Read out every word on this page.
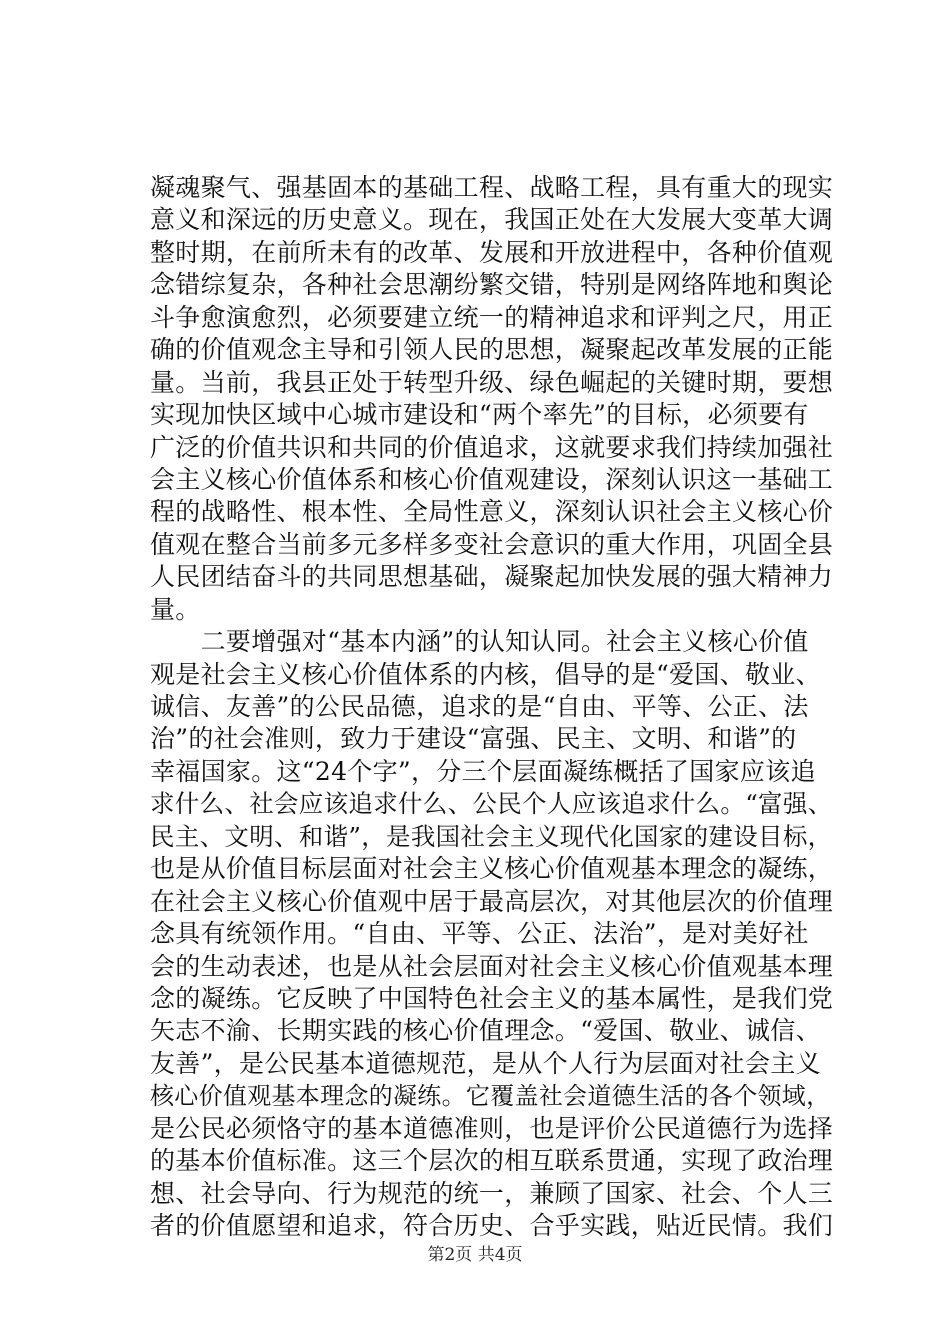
凝魂聚气、强基固本的基础工程、战略工程，具有重大的现实
意义和深远的历史意义。现在，我国正处在大发展大变革大调
整时期，在前所未有的改革、发展和开放进程中，各种价值观
念错综复杂，各种社会思潮纷繁交错，特别是网络阵地和舆论
斗争愈演愈烈，必须要建立统一的精神追求和评判之尺，用正
确的价值观念主导和引领人民的思想，凝聚起改革发展的正能
量。当前，我县正处于转型升级、绿色崛起的关键时期，要想
实现加快区域中心城市建设和“两个率先”的目标，必须要有
广泛的价值共识和共同的价值追求，这就要求我们持续加强社
会主义核心价值体系和核心价值观建设，深刻认识这一基础工
程的战略性、根本性、全局性意义，深刻认识社会主义核心价
值观在整合当前多元多样多变社会意识的重大作用，巩固全县
人民团结奋斗的共同思想基础，凝聚起加快发展的强大精神力
量。
　　二要增强对“基本内涵”的认知认同。社会主义核心价值
观是社会主义核心价值体系的内核，倡导的是“爱国、敬业、
诚信、友善”的公民品德，追求的是“自由、平等、公正、法
治”的社会准则，致力于建设“富强、民主、文明、和谐”的
幸福国家。这“24个字”，分三个层面凝练概括了国家应该追
求什么、社会应该追求什么、公民个人应该追求什么。“富强、
民主、文明、和谐”，是我国社会主义现代化国家的建设目标，
也是从价值目标层面对社会主义核心价值观基本理念的凝练，
在社会主义核心价值观中居于最高层次，对其他层次的价值理
念具有统领作用。“自由、平等、公正、法治”，是对美好社
会的生动表述，也是从社会层面对社会主义核心价值观基本理
念的凝练。它反映了中国特色社会主义的基本属性，是我们党
矢志不渝、长期实践的核心价值理念。“爱国、敬业、诚信、
友善”，是公民基本道德规范，是从个人行为层面对社会主义
核心价值观基本理念的凝练。它覆盖社会道德生活的各个领域，
是公民必须恪守的基本道德准则，也是评价公民道德行为选择
的基本价值标准。这三个层次的相互联系贯通，实现了政治理
想、社会导向、行为规范的统一，兼顾了国家、社会、个人三
者的价值愿望和追求，符合历史、合乎实践，贴近民情。我们
第2页 共4页
